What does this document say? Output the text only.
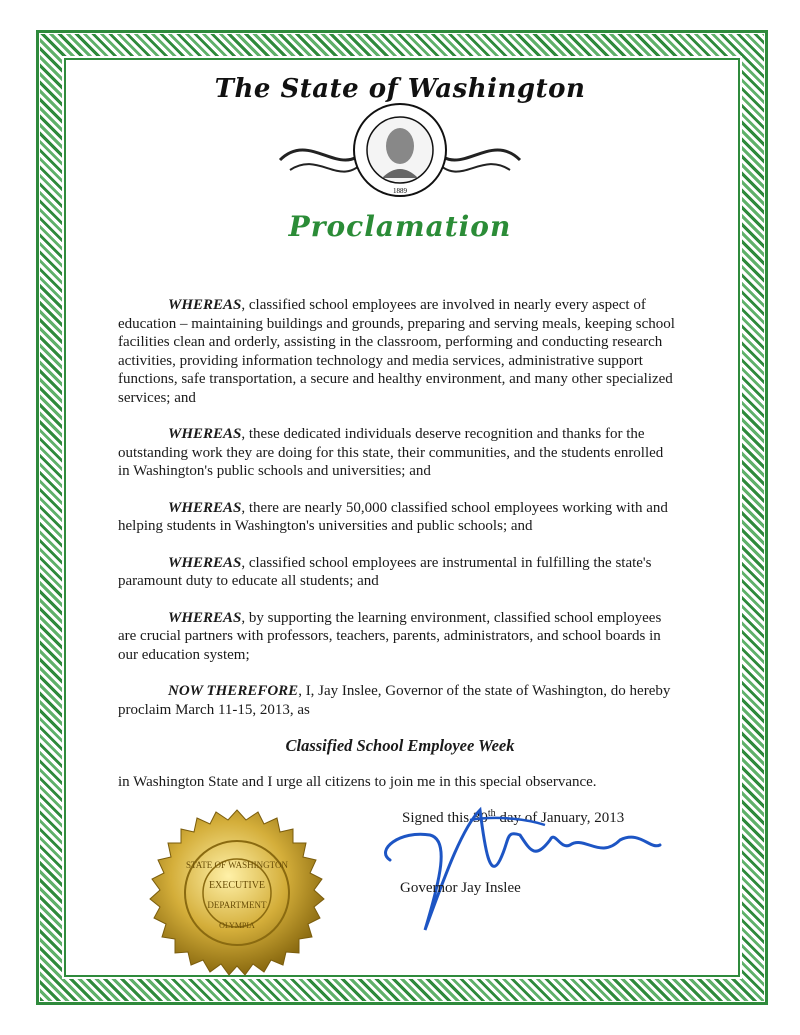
The State of Washington
1889
Proclamation

WHEREAS, classified school employees are involved in nearly every aspect of education – maintaining buildings and grounds, preparing and serving meals, keeping school facilities clean and orderly, assisting in the classroom, performing and conducting research activities, providing information technology and media services, administrative support functions, safe transportation, a secure and healthy environment, and many other specialized services; and

WHEREAS, these dedicated individuals deserve recognition and thanks for the outstanding work they are doing for this state, their communities, and the students enrolled in Washington's public schools and universities; and

WHEREAS, there are nearly 50,000 classified school employees working with and helping students in Washington's universities and public schools; and

WHEREAS, classified school employees are instrumental in fulfilling the state's paramount duty to educate all students; and

WHEREAS, by supporting the learning environment, classified school employees are crucial partners with professors, teachers, parents, administrators, and school boards in our education system;

NOW THEREFORE, I, Jay Inslee, Governor of the state of Washington, do hereby proclaim March 11-15, 2013, as

Classified School Employee Week
in Washington State and I urge all citizens to join me in this special observance.
Signed this 30th day of January, 2013
Governor Jay Inslee
STATE OF WASHINGTON
EXECUTIVE
DEPARTMENT
OLYMPIA
